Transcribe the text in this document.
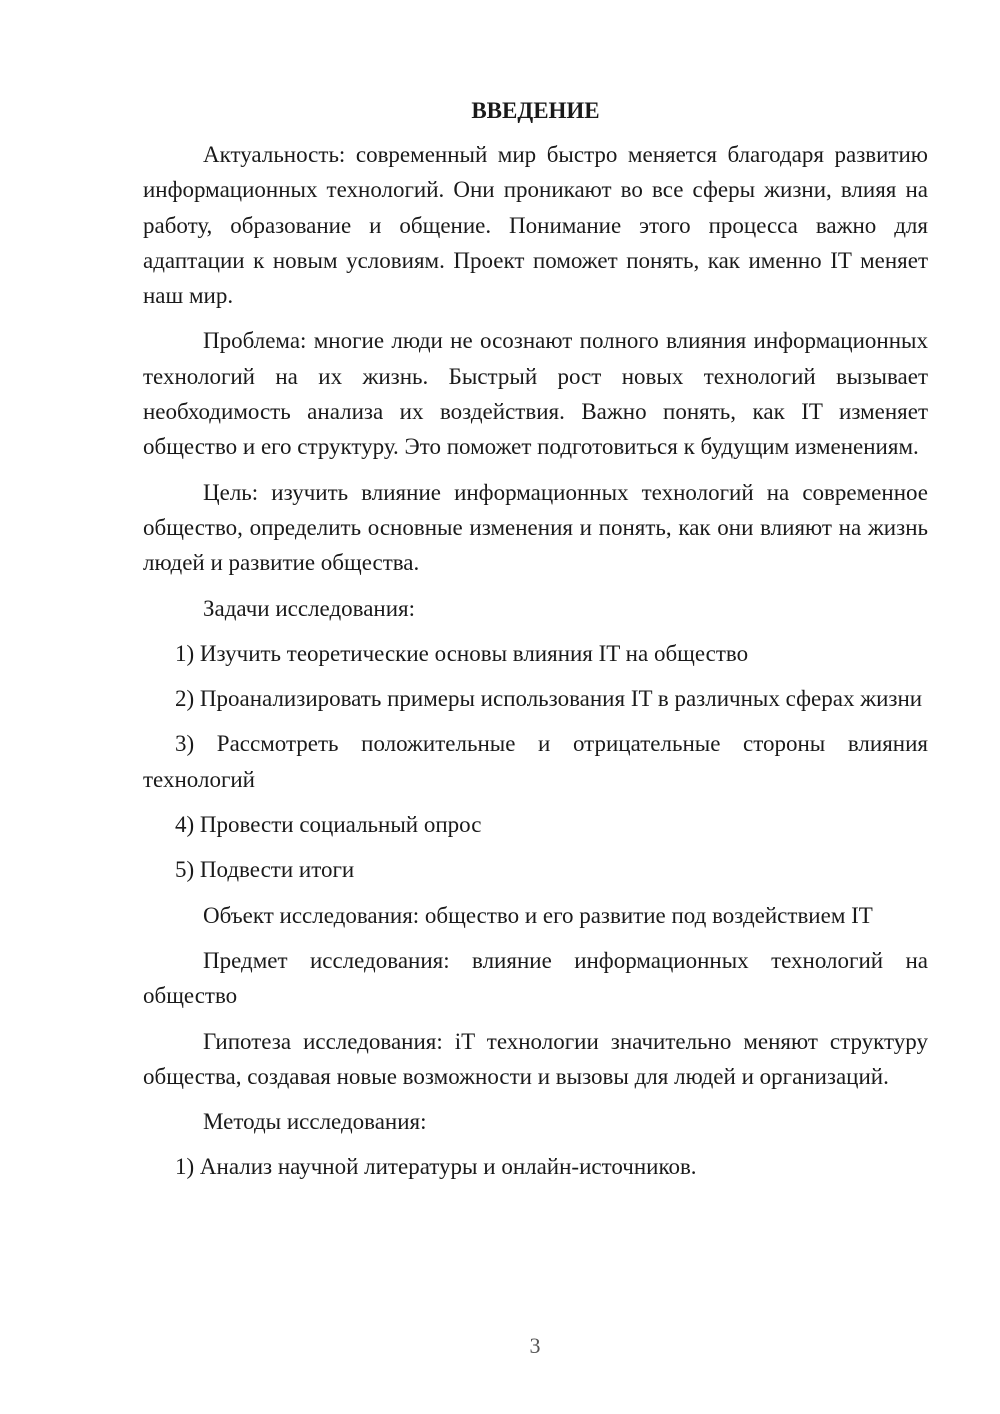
ВВЕДЕНИЕ

Актуальность: современный мир быстро меняется благодаря развитию информационных технологий. Они проникают во все сферы жизни, влияя на работу, образование и общение. Понимание этого процесса важно для адаптации к новым условиям. Проект поможет понять, как именно IT меняет наш мир.

Проблема: многие люди не осознают полного влияния информационных технологий на их жизнь. Быстрый рост новых технологий вызывает необходимость анализа их воздействия. Важно понять, как IT изменяет общество и его структуру. Это поможет подготовиться к будущим изменениям.

Цель: изучить влияние информационных технологий на современное общество, определить основные изменения и понять, как они влияют на жизнь людей и развитие общества.

Задачи исследования:

1) Изучить теоретические основы влияния IT на общество

2) Проанализировать примеры использования IT в различных сферах жизни

3) Рассмотреть положительные и отрицательные стороны влияния технологий

4) Провести социальный опрос

5) Подвести итоги

Объект исследования: общество и его развитие под воздействием IT

Предмет исследования: влияние информационных технологий на общество

Гипотеза исследования: iT технологии значительно меняют структуру общества, создавая новые возможности и вызовы для людей и организаций.

Методы исследования:

1) Анализ научной литературы и онлайн-источников.

3
